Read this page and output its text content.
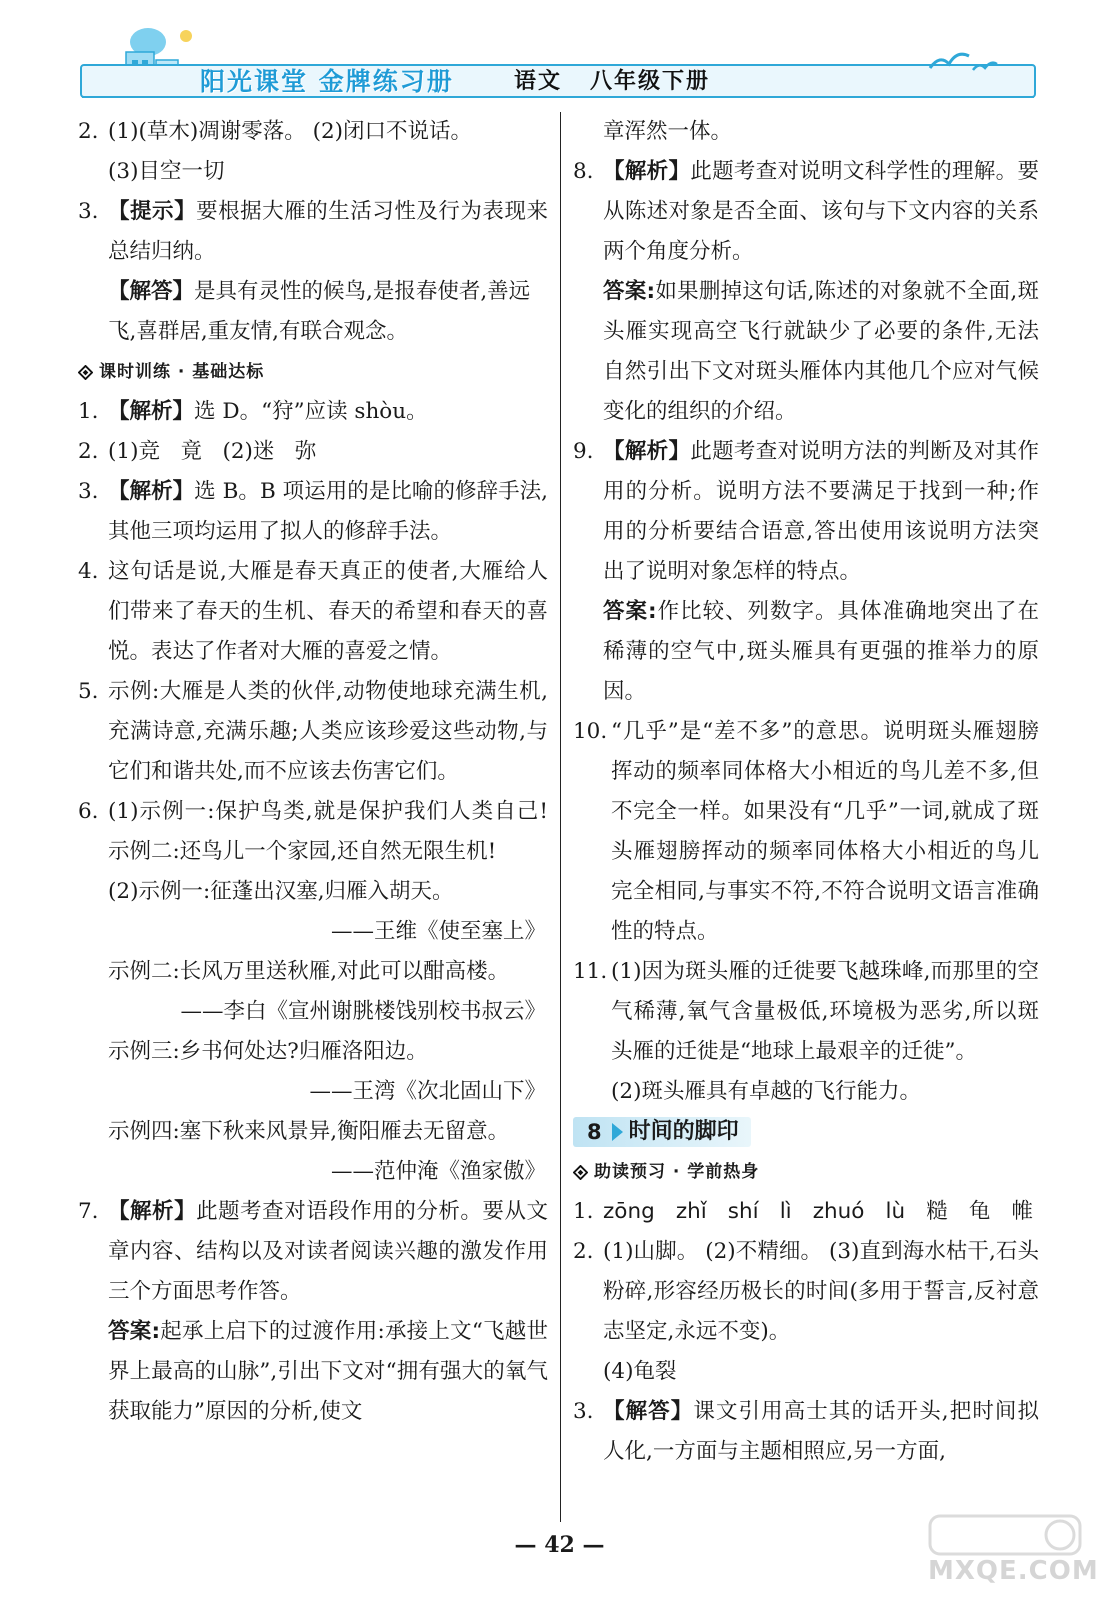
阳光课堂 金牌练习册	语文 八年级下册
2. (1)(草木)凋谢零落。 (2)闭口不说话。
(3)目空一切
3. 【提示】要根据大雁的生活习性及行为表现来总结归纳。
【解答】是具有灵性的候鸟,是报春使者,善远飞,喜群居,重友情,有联合观念。
课时训练 · 基础达标
1. 【解析】选 D。“狩”应读 shòu。
2. (1)竞   竟   (2)迷   弥
3. 【解析】选 B。B 项运用的是比喻的修辞手法,其他三项均运用了拟人的修辞手法。
4. 这句话是说,大雁是春天真正的使者,大雁给人们带来了春天的生机、春天的希望和春天的喜悦。表达了作者对大雁的喜爱之情。
5. 示例:大雁是人类的伙伴,动物使地球充满生机,充满诗意,充满乐趣;人类应该珍爱这些动物,与它们和谐共处,而不应该去伤害它们。
6. (1)示例一:保护鸟类,就是保护我们人类自己! 示例二:还鸟儿一个家园,还自然无限生机!
(2)示例一:征蓬出汉塞,归雁入胡天。
——王维《使至塞上》
示例二:长风万里送秋雁,对此可以酣高楼。
——李白《宣州谢朓楼饯别校书叔云》
示例三:乡书何处达?归雁洛阳边。
——王湾《次北固山下》
示例四:塞下秋来风景异,衡阳雁去无留意。
——范仲淹《渔家傲》
7. 【解析】此题考查对语段作用的分析。要从文章内容、结构以及对读者阅读兴趣的激发作用三个方面思考作答。
答案:起承上启下的过渡作用:承接上文“飞越世界上最高的山脉”,引出下文对“拥有强大的氧气获取能力”原因的分析,使文
章浑然一体。
8. 【解析】此题考查对说明文科学性的理解。要从陈述对象是否全面、该句与下文内容的关系两个角度分析。
答案:如果删掉这句话,陈述的对象就不全面,斑头雁实现高空飞行就缺少了必要的条件,无法自然引出下文对斑头雁体内其他几个应对气候变化的组织的介绍。
9. 【解析】此题考查对说明方法的判断及对其作用的分析。说明方法不要满足于找到一种;作用的分析要结合语意,答出使用该说明方法突出了说明对象怎样的特点。
答案:作比较、列数字。具体准确地突出了在稀薄的空气中,斑头雁具有更强的推举力的原因。
10. “几乎”是“差不多”的意思。说明斑头雁翅膀挥动的频率同体格大小相近的鸟儿差不多,但不完全一样。如果没有“几乎”一词,就成了斑头雁翅膀挥动的频率同体格大小相近的鸟儿完全相同,与事实不符,不符合说明文语言准确性的特点。
11. (1)因为斑头雁的迁徙要飞越珠峰,而那里的空气稀薄,氧气含量极低,环境极为恶劣,所以斑头雁的迁徙是“地球上最艰辛的迁徙”。
(2)斑头雁具有卓越的飞行能力。
8 时间的脚印
助读预习 · 学前热身
1. zōng zhǐ shí lì zhuó lù 糙 龟 帷
2. (1)山脚。 (2)不精细。 (3)直到海水枯干,石头粉碎,形容经历极长的时间(多用于誓言,反衬意志坚定,永远不变)。
(4)龟裂
3. 【解答】课文引用高士其的话开头,把时间拟人化,一方面与主题相照应,另一方面,
— 42 —
MXQE.COM
